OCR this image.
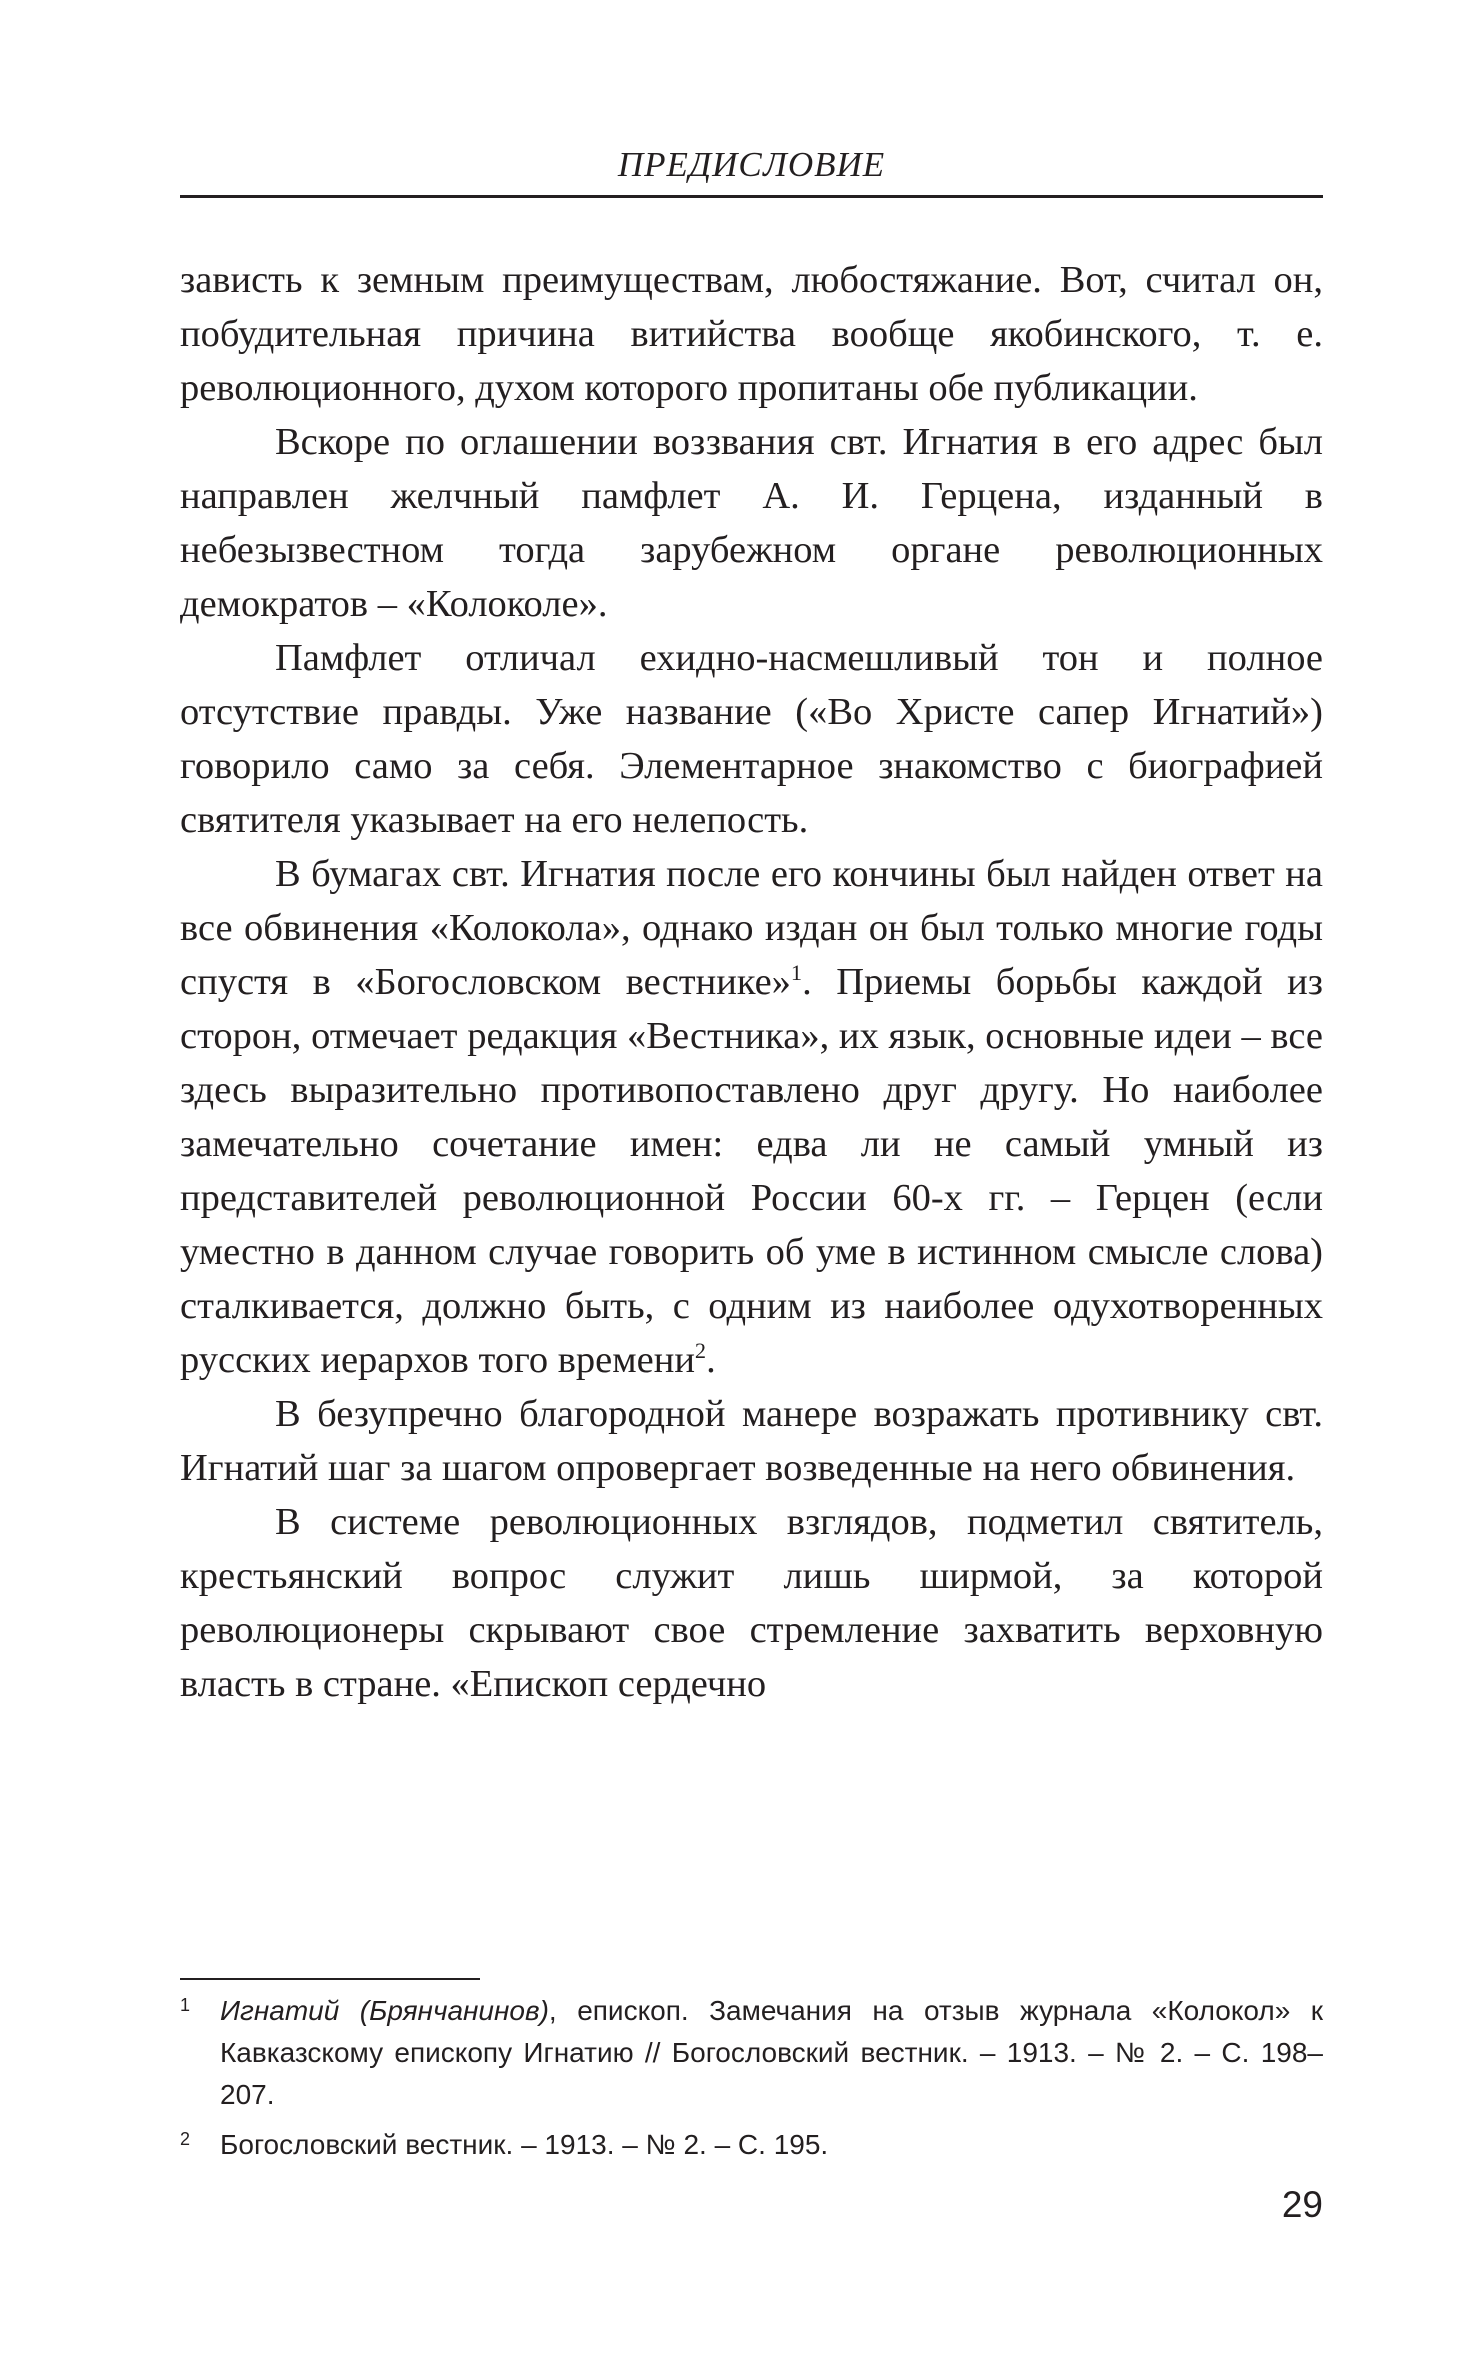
ПРЕДИСЛОВИЕ

зависть к земным преимуществам, любостяжание. Вот, считал он, побудительная причина витийства вообще якобинского, т. е. революционного, духом которого пропитаны обе публикации.

Вскоре по оглашении воззвания свт. Игнатия в его адрес был направлен желчный памфлет А. И. Герцена, изданный в небезызвестном тогда зарубежном органе революционных демократов – «Колоколе».

Памфлет отличал ехидно-насмешливый тон и полное отсутствие правды. Уже название («Во Христе сапер Игнатий») говорило само за себя. Элементарное знакомство с биографией святителя указывает на его нелепость.

В бумагах свт. Игнатия после его кончины был найден ответ на все обвинения «Колокола», однако издан он был только многие годы спустя в «Богословском вестнике»$^1$. Приемы борьбы каждой из сторон, отмечает редакция «Вестника», их язык, основные идеи – все здесь выразительно противопоставлено друг другу. Но наиболее замечательно сочетание имен: едва ли не самый умный из представителей революционной России 60-х гг. – Герцен (если уместно в данном случае говорить об уме в истинном смысле слова) сталкивается, должно быть, с одним из наиболее одухотворенных русских иерархов того времени$^2$.

В безупречно благородной манере возражать противнику свт. Игнатий шаг за шагом опровергает возведенные на него обвинения.

В системе революционных взглядов, подметил святитель, крестьянский вопрос служит лишь ширмой, за которой революционеры скрывают свое стремление захватить верховную власть в стране. «Епископ сердечно

1 Игнатий (Брянчанинов), епископ. Замечания на отзыв журнала «Колокол» к Кавказскому епископу Игнатию // Богословский вестник. – 1913. – № 2. – С. 198–207.
2 Богословский вестник. – 1913. – № 2. – С. 195.
29
